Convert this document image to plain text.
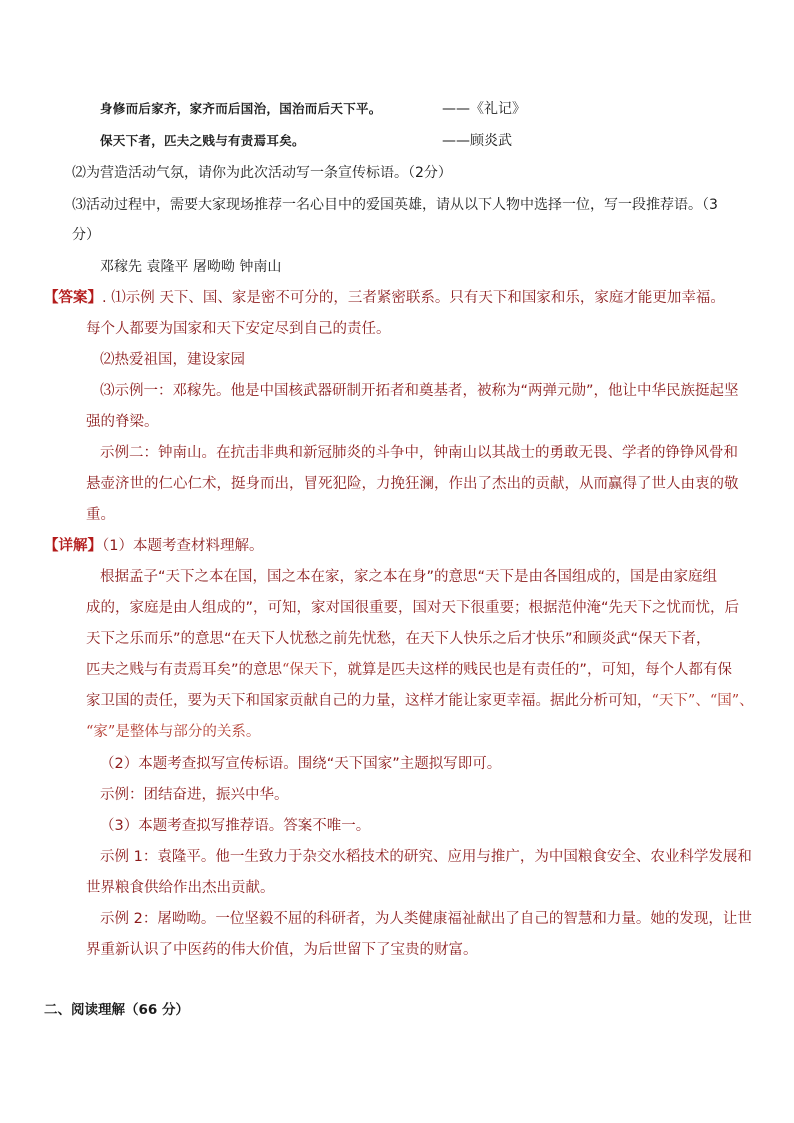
身修而后家齐，家齐而后国治，国治而后天下平。	——《礼记》
保天下者，匹夫之贱与有责焉耳矣。	——顾炎武
⑵为营造活动气氛，请你为此次活动写一条宣传标语。（2分）
⑶活动过程中，需要大家现场推荐一名心目中的爱国英雄，请从以下人物中选择一位，写一段推荐语。（3
分）
邓稼先 袁隆平 屠呦呦 钟南山
【答案】. ⑴示例 天下、国、家是密不可分的，三者紧密联系。只有天下和国家和乐，家庭才能更加幸福。
每个人都要为国家和天下安定尽到自己的责任。
⑵热爱祖国，建设家园
⑶示例一：邓稼先。他是中国核武器研制开拓者和奠基者，被称为“两弹元勋”，他让中华民族挺起坚
强的脊梁。
示例二：钟南山。在抗击非典和新冠肺炎的斗争中，钟南山以其战士的勇敢无畏、学者的铮铮风骨和
悬壶济世的仁心仁术，挺身而出，冒死犯险，力挽狂澜，作出了杰出的贡献，从而赢得了世人由衷的敬
重。
【详解】（1）本题考查材料理解。
根据孟子“天下之本在国，国之本在家，家之本在身”的意思“天下是由各国组成的，国是由家庭组
成的，家庭是由人组成的”，可知，家对国很重要，国对天下很重要；根据范仲淹“先天下之忧而忧，后
天下之乐而乐”的意思“在天下人忧愁之前先忧愁，在天下人快乐之后才快乐”和顾炎武“保天下者，
匹夫之贱与有责焉耳矣”的意思“保天下，就算是匹夫这样的贱民也是有责任的”，可知，每个人都有保
家卫国的责任，要为天下和国家贡献自己的力量，这样才能让家更幸福。据此分析可知，“天下”、“国”、
“家”是整体与部分的关系。
（2）本题考查拟写宣传标语。围绕“天下国家”主题拟写即可。
示例：团结奋进，振兴中华。
（3）本题考查拟写推荐语。答案不唯一。
示例 1：袁隆平。他一生致力于杂交水稻技术的研究、应用与推广，为中国粮食安全、农业科学发展和
世界粮食供给作出杰出贡献。
示例 2：屠呦呦。一位坚毅不屈的科研者，为人类健康福祉献出了自己的智慧和力量。她的发现，让世
界重新认识了中医药的伟大价值，为后世留下了宝贵的财富。
二、阅读理解（66 分）
